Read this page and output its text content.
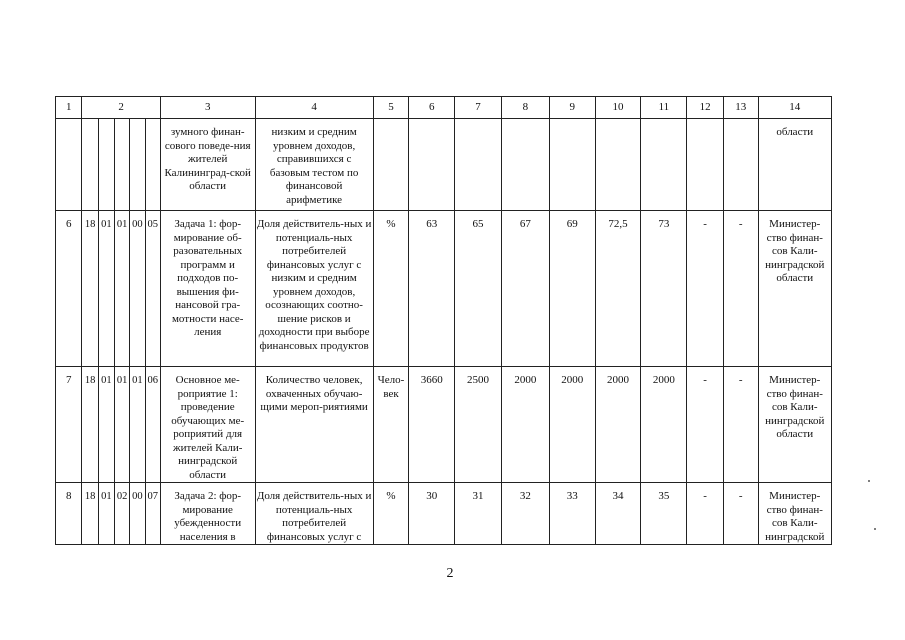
1	2					3	4	5	6	7	8	9	10	11	12	13	14
						зумного финан-сового поведе-ния жителей Калининград-ской области	низким и средним уровнем доходов, справившихся с базовым тестом по финансовой арифметике										области
6	18	01	01	00	05	Задача 1: фор-мирование об-разовательных программ и подходов по-вышения фи-нансовой гра-мотности насе-ления	Доля действитель-ных и потенциаль-ных потребителей финансовых услуг с низким и средним уровнем доходов, осознающих соотно-шение рисков и доходности при выборе финансовых продуктов	%	63	65	67	69	72,5	73	-	-	Министер-ство финан-сов Кали-нинградской области
7	18	01	01	01	06	Основное ме-роприятие 1: проведение обучающих ме-роприятий для жителей Кали-нинградской области	Количество человек, охваченных обучаю-щими мероп-риятиями	Чело-век	3660	2500	2000	2000	2000	2000	-	-	Министер-ство финан-сов Кали-нинградской области
8	18	01	02	00	07	Задача 2: фор-мирование убежденности населения в	Доля действитель-ных и потенциаль-ных потребителей финансовых услуг с	%	30	31	32	33	34	35	-	-	Министер-ство финан-сов Кали-нинградской
2
